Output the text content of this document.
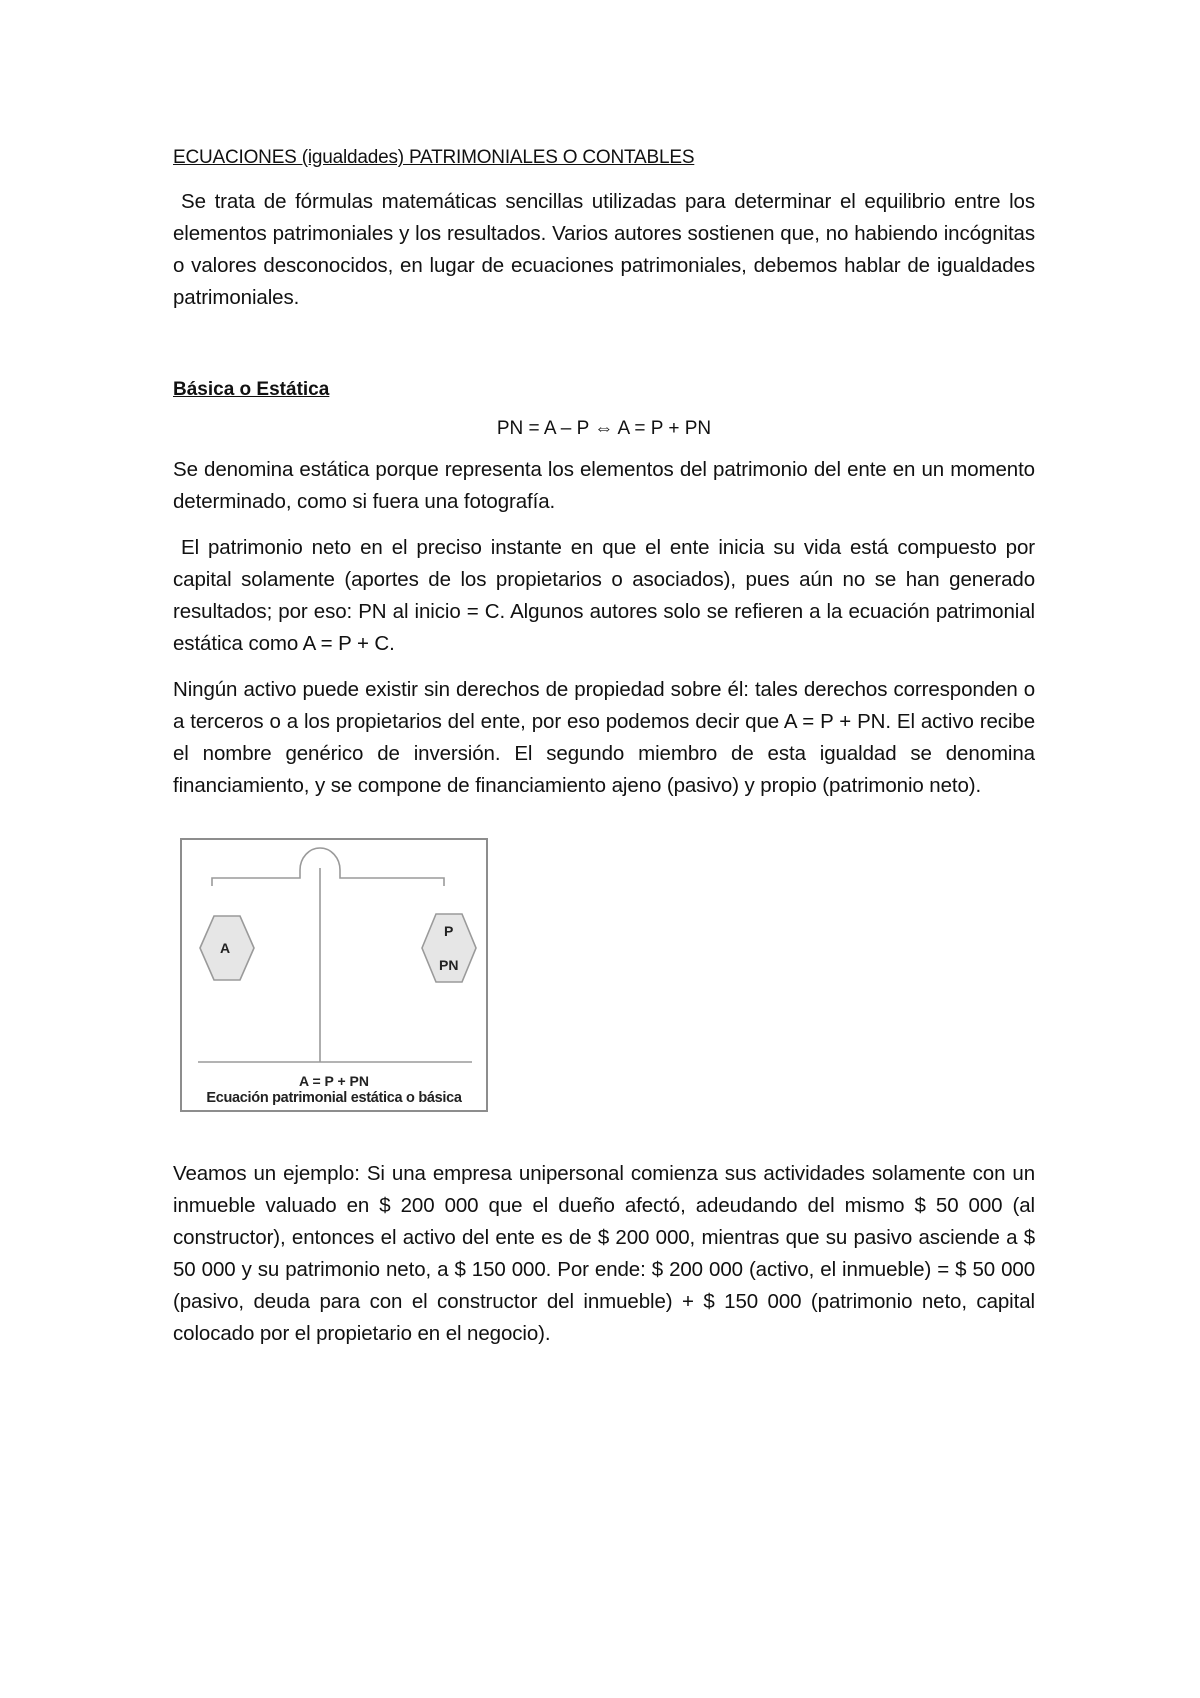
ECUACIONES (igualdades) PATRIMONIALES O CONTABLES

Se trata de fórmulas matemáticas sencillas utilizadas para determinar el equilibrio entre los elementos patrimoniales y los resultados. Varios autores sostienen que, no habiendo incógnitas o valores desconocidos, en lugar de ecuaciones patrimoniales, debemos hablar de igualdades patrimoniales.

Básica o Estática

PN = A – P ⇔ A = P + PN

Se denomina estática porque representa los elementos del patrimonio del ente en un momento determinado, como si fuera una fotografía.

El patrimonio neto en el preciso instante en que el ente inicia su vida está compuesto por capital solamente (aportes de los propietarios o asociados), pues aún no se han generado resultados; por eso: PN al inicio = C. Algunos autores solo se refieren a la ecuación patrimonial estática como A = P + C.

Ningún activo puede existir sin derechos de propiedad sobre él: tales derechos corresponden o a terceros o a los propietarios del ente, por eso podemos decir que A = P + PN. El activo recibe el nombre genérico de inversión. El segundo miembro de esta igualdad se denomina financiamiento, y se compone de financiamiento ajeno (pasivo) y propio (patrimonio neto).

A
P
PN
A = P + PN
Ecuación patrimonial estática o básica

Veamos un ejemplo: Si una empresa unipersonal comienza sus actividades solamente con un inmueble valuado en $ 200 000 que el dueño afectó, adeudando del mismo $ 50 000 (al constructor), entonces el activo del ente es de $ 200 000, mientras que su pasivo asciende a $ 50 000 y su patrimonio neto, a $ 150 000. Por ende: $ 200 000 (activo, el inmueble) = $ 50 000 (pasivo, deuda para con el constructor del inmueble) + $ 150 000 (patrimonio neto, capital colocado por el propietario en el negocio).
